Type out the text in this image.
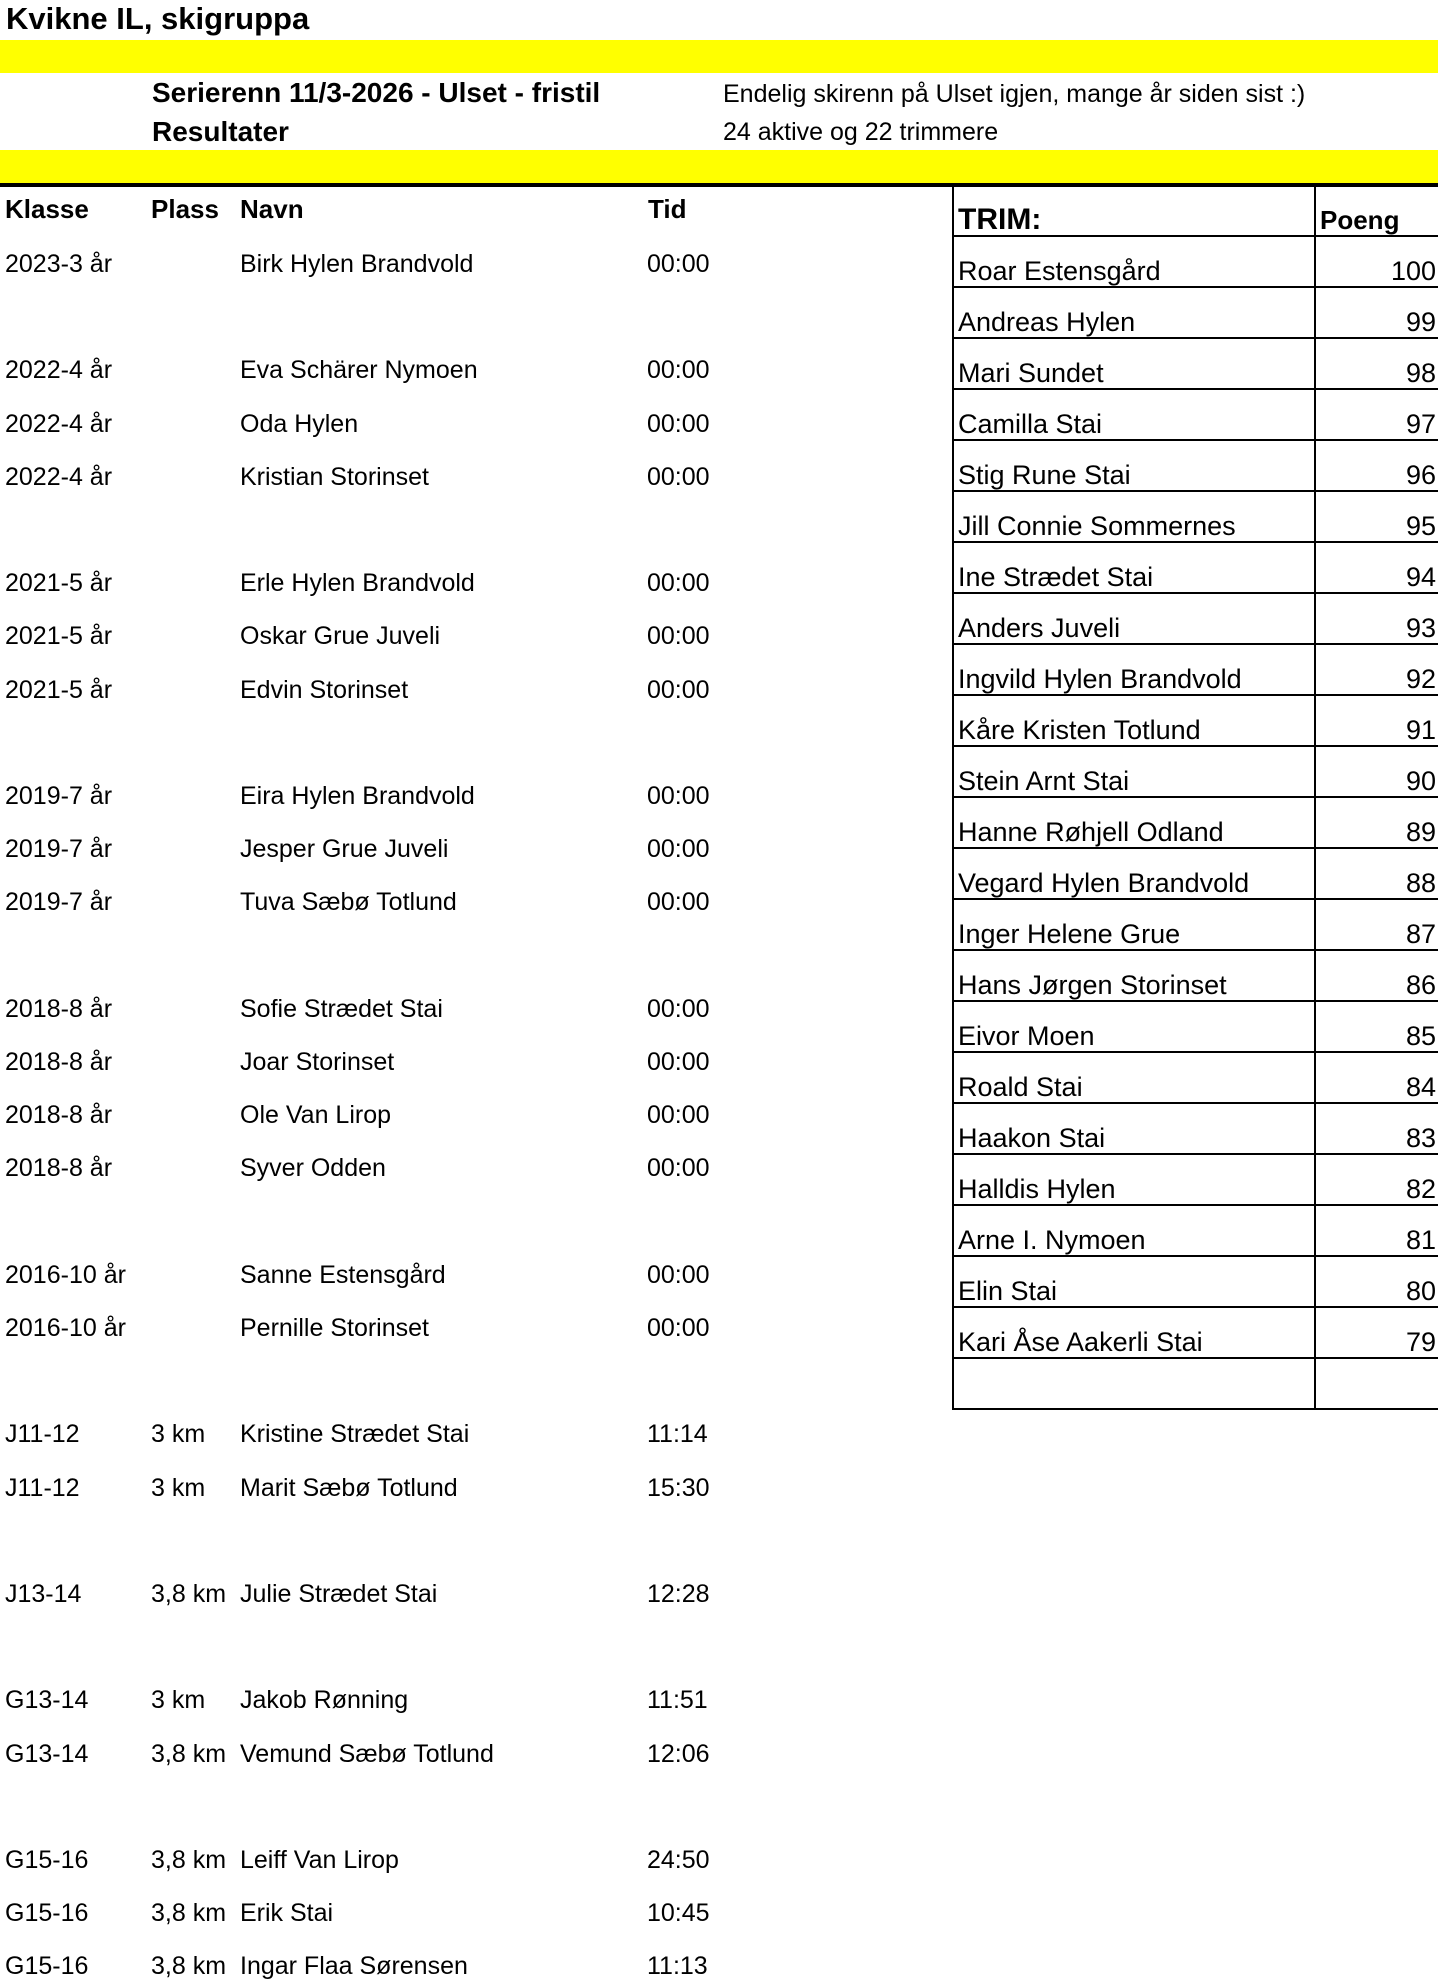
Kvikne IL, skigruppa
Serierenn 11/3-2026 - Ulset - fristil
Resultater
Endelig skirenn på Ulset igjen, mange år siden sist :)
24 aktive og 22 trimmere
Klasse Plass Navn	Tid
2023-3 år	Birk Hylen Brandvold	00:00
2022-4 år	Eva Schärer Nymoen	00:00
2022-4 år	Oda Hylen	00:00
2022-4 år	Kristian Storinset	00:00
2021-5 år	Erle Hylen Brandvold	00:00
2021-5 år	Oskar Grue Juveli	00:00
2021-5 år	Edvin Storinset	00:00
2019-7 år	Eira Hylen Brandvold	00:00
2019-7 år	Jesper Grue Juveli	00:00
2019-7 år	Tuva Sæbø Totlund	00:00
2018-8 år	Sofie Strædet Stai	00:00
2018-8 år	Joar Storinset	00:00
2018-8 år	Ole Van Lirop	00:00
2018-8 år	Syver Odden	00:00
2016-10 år	Sanne Estensgård	00:00
2016-10 år	Pernille Storinset	00:00
J11-12	3 km Kristine Strædet Stai	11:14
J11-12	3 km Marit Sæbø Totlund	15:30
J13-14	3,8 km Julie Strædet Stai	12:28
G13-14	3 km Jakob Rønning	11:51
G13-14	3,8 km Vemund Sæbø Totlund	12:06
G15-16	3,8 km Leiff Van Lirop	24:50
G15-16	3,8 km Erik Stai	10:45
G15-16	3,8 km Ingar Flaa Sørensen	11:13
TRIM:	Poeng
Roar Estensgård	100
Andreas Hylen	99
Mari Sundet	98
Camilla Stai	97
Stig Rune Stai	96
Jill Connie Sommernes	95
Ine Strædet Stai	94
Anders Juveli	93
Ingvild Hylen Brandvold	92
Kåre Kristen Totlund	91
Stein Arnt Stai	90
Hanne Røhjell Odland	89
Vegard Hylen Brandvold	88
Inger Helene Grue	87
Hans Jørgen Storinset	86
Eivor Moen	85
Roald Stai	84
Haakon Stai	83
Halldis Hylen	82
Arne I. Nymoen	81
Elin Stai	80
Kari Åse Aakerli Stai	79
